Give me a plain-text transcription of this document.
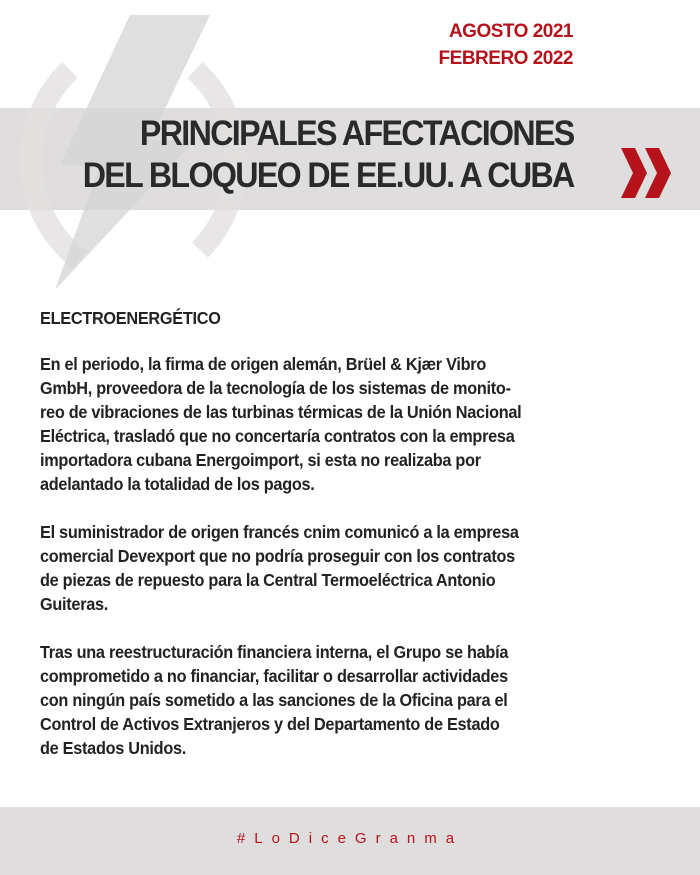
AGOSTO 2021
FEBRERO 2022
PRINCIPALES AFECTACIONES
DEL BLOQUEO DE EE.UU. A CUBA
ELECTROENERGÉTICO
En el periodo, la firma de origen alemán, Brüel & Kjær Vibro
GmbH, proveedora de la tecnología de los sistemas de monito-
reo de vibraciones de las turbinas térmicas de la Unión Nacional
Eléctrica, trasladó que no concertaría contratos con la empresa
importadora cubana Energoimport, si esta no realizaba por
adelantado la totalidad de los pagos.
El suministrador de origen francés cnim comunicó a la empresa
comercial Devexport que no podría proseguir con los contratos
de piezas de repuesto para la Central Termoeléctrica Antonio
Guiteras.
Tras una reestructuración financiera interna, el Grupo se había
comprometido a no financiar, facilitar o desarrollar actividades
con ningún país sometido a las sanciones de la Oficina para el
Control de Activos Extranjeros y del Departamento de Estado
de Estados Unidos.
#LoDiceGranma
